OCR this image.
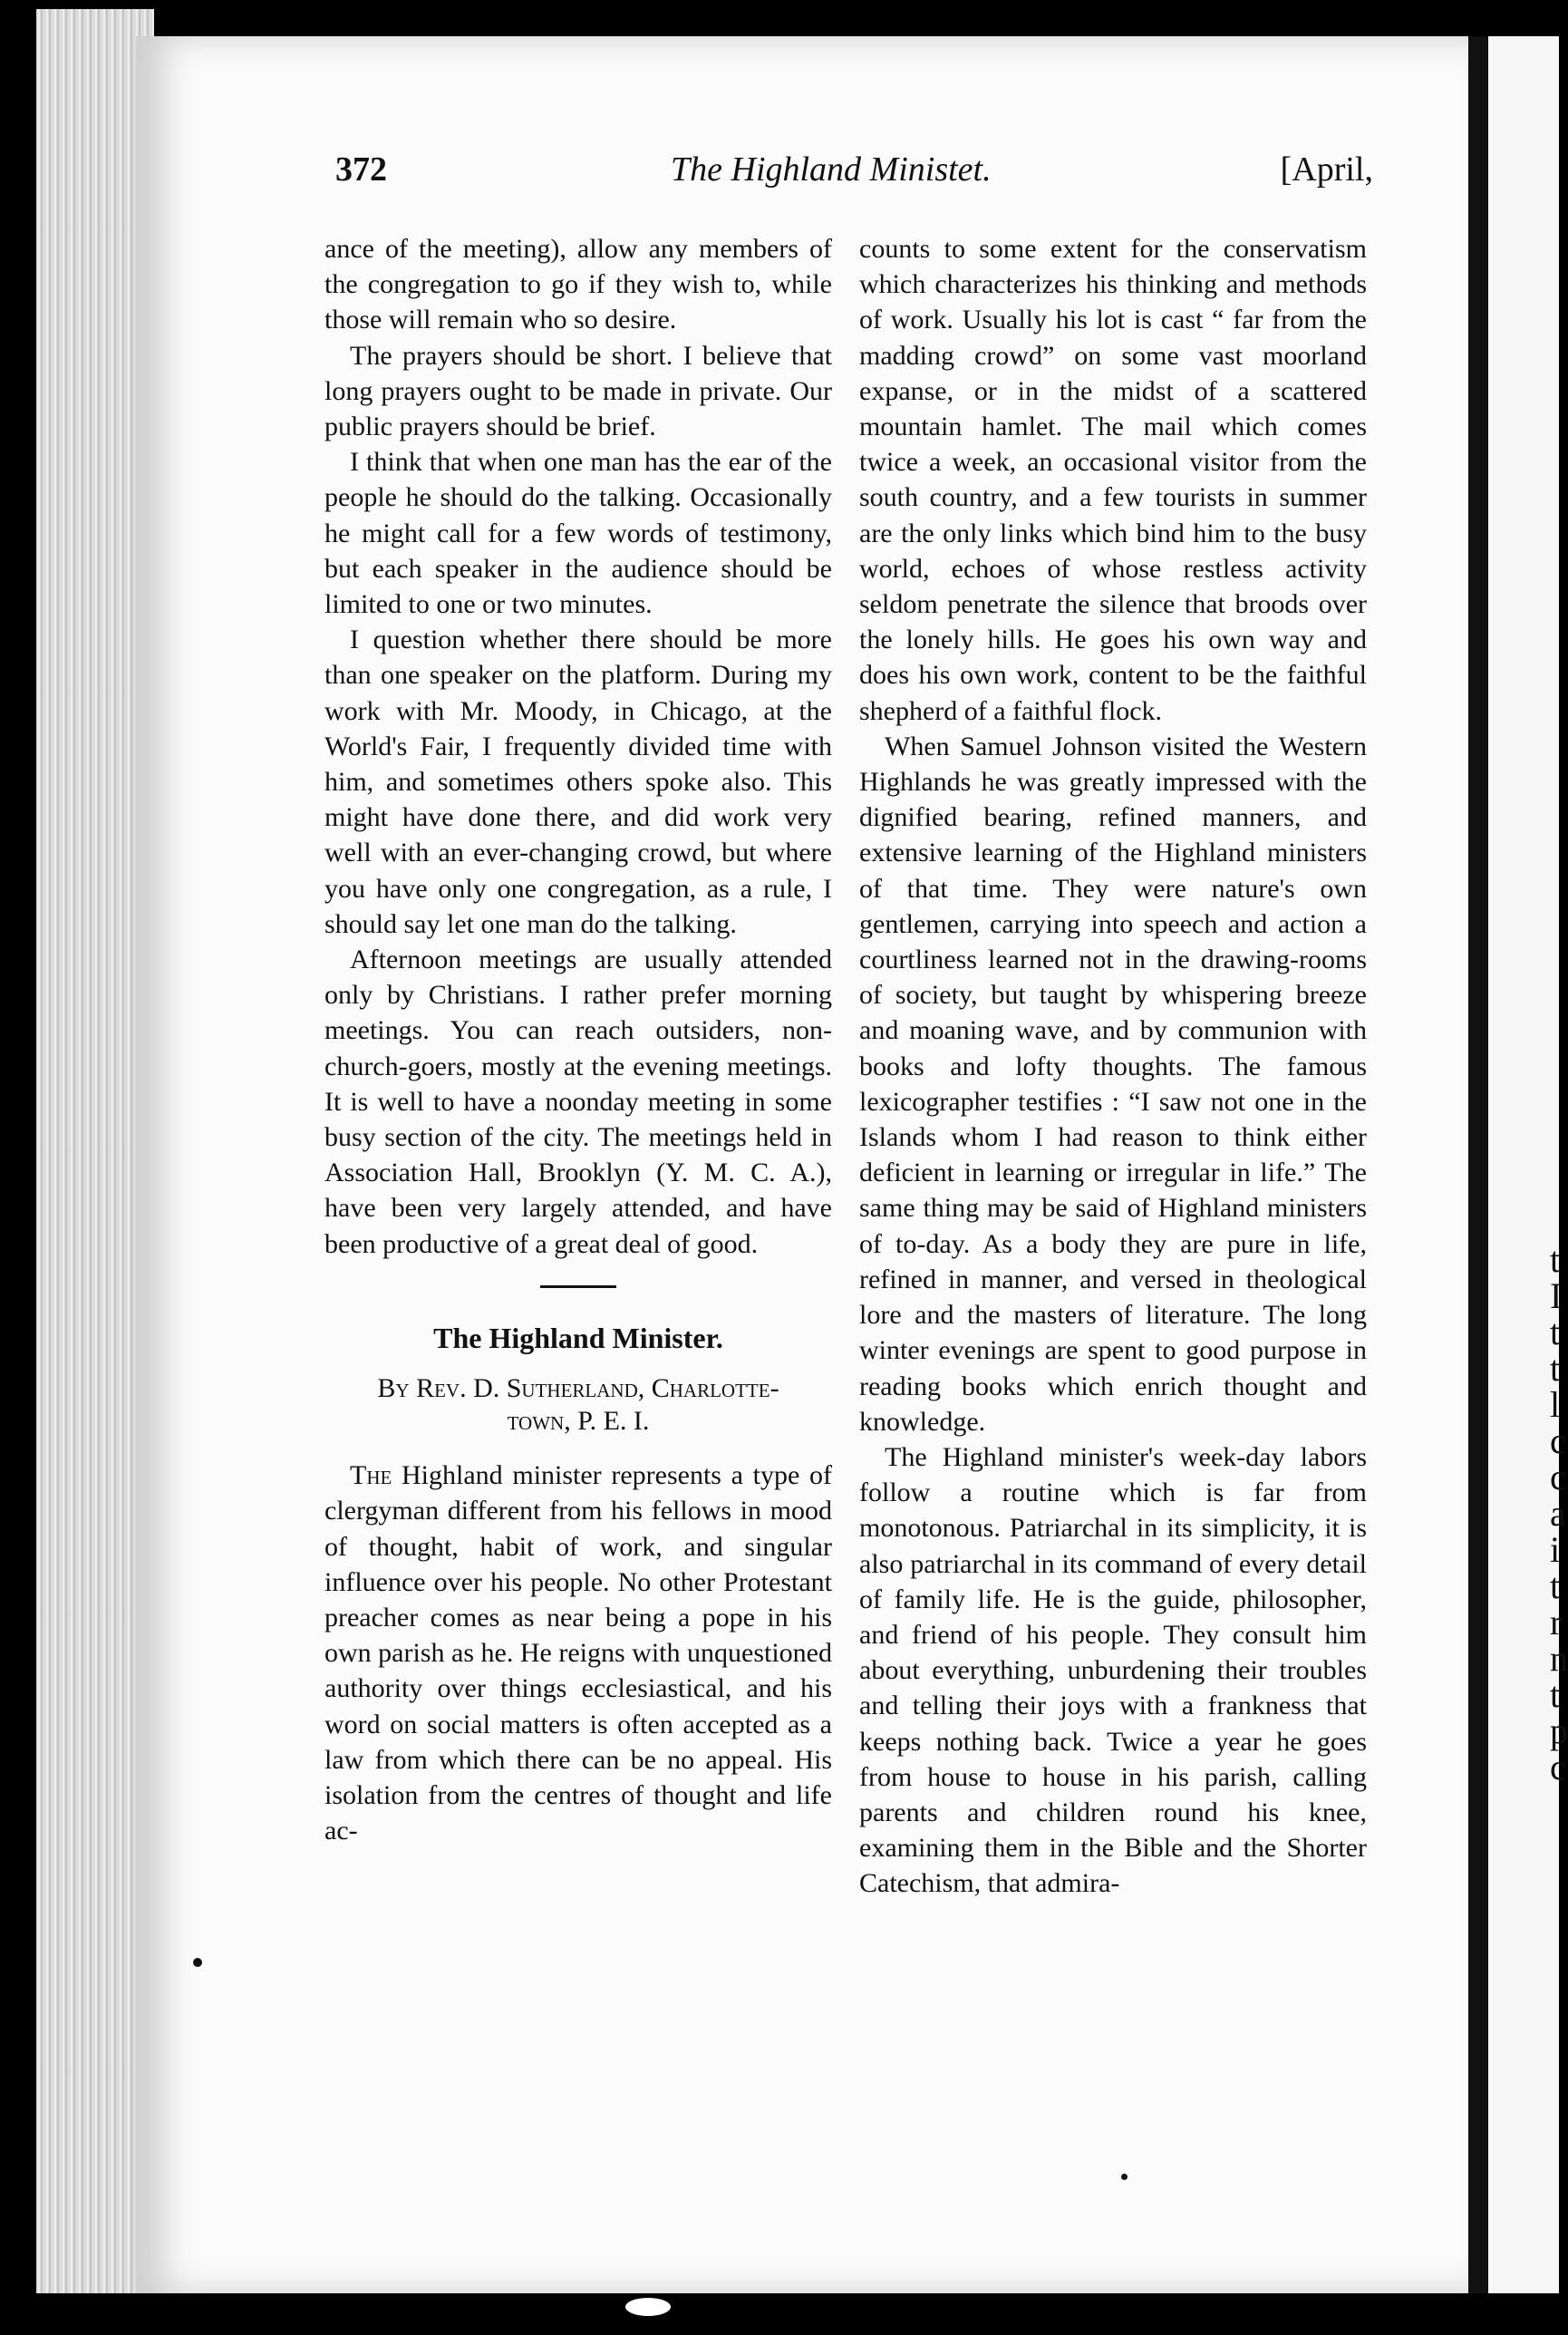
t
I
t
t
l
c
c
a
i
t
r
n
t
p
c
372	The Highland Ministet.	[April,

ance of the meeting), allow any members of the congregation to go if they wish to, while those will remain who so desire.

The prayers should be short. I believe that long prayers ought to be made in private. Our public prayers should be brief.

I think that when one man has the ear of the people he should do the talking. Occasionally he might call for a few words of testimony, but each speaker in the audience should be limited to one or two minutes.

I question whether there should be more than one speaker on the platform. During my work with Mr. Moody, in Chicago, at the World's Fair, I frequently divided time with him, and sometimes others spoke also. This might have done there, and did work very well with an ever-changing crowd, but where you have only one congregation, as a rule, I should say let one man do the talking.

Afternoon meetings are usually attended only by Christians. I rather prefer morning meetings. You can reach outsiders, non-church-goers, mostly at the evening meetings. It is well to have a noonday meeting in some busy section of the city. The meetings held in Association Hall, Brooklyn (Y. M. C. A.), have been very largely attended, and have been productive of a great deal of good.

The Highland Minister.
By Rev. D. Sutherland, Charlotte-
town, P. E. I.

The Highland minister represents a type of clergyman different from his fellows in mood of thought, habit of work, and singular influence over his people. No other Protestant preacher comes as near being a pope in his own parish as he. He reigns with unquestioned authority over things ecclesiastical, and his word on social matters is often accepted as a law from which there can be no appeal. His isolation from the centres of thought and life ac-

counts to some extent for the conservatism which characterizes his thinking and methods of work. Usually his lot is cast “ far from the madding crowd” on some vast moorland expanse, or in the midst of a scattered mountain hamlet. The mail which comes twice a week, an occasional visitor from the south country, and a few tourists in summer are the only links which bind him to the busy world, echoes of whose restless activity seldom penetrate the silence that broods over the lonely hills. He goes his own way and does his own work, content to be the faithful shepherd of a faithful flock.

When Samuel Johnson visited the Western Highlands he was greatly impressed with the dignified bearing, refined manners, and extensive learning of the Highland ministers of that time. They were nature's own gentlemen, carrying into speech and action a courtliness learned not in the drawing-rooms of society, but taught by whispering breeze and moaning wave, and by communion with books and lofty thoughts. The famous lexicographer testifies : “I saw not one in the Islands whom I had reason to think either deficient in learning or irregular in life.” The same thing may be said of Highland ministers of to-day. As a body they are pure in life, refined in manner, and versed in theological lore and the masters of literature. The long winter evenings are spent to good purpose in reading books which enrich thought and knowledge.

The Highland minister's week-day labors follow a routine which is far from monotonous. Patriarchal in its simplicity, it is also patriarchal in its command of every detail of family life. He is the guide, philosopher, and friend of his people. They consult him about everything, unburdening their troubles and telling their joys with a frankness that keeps nothing back. Twice a year he goes from house to house in his parish, calling parents and children round his knee, examining them in the Bible and the Shorter Catechism, that admira-
